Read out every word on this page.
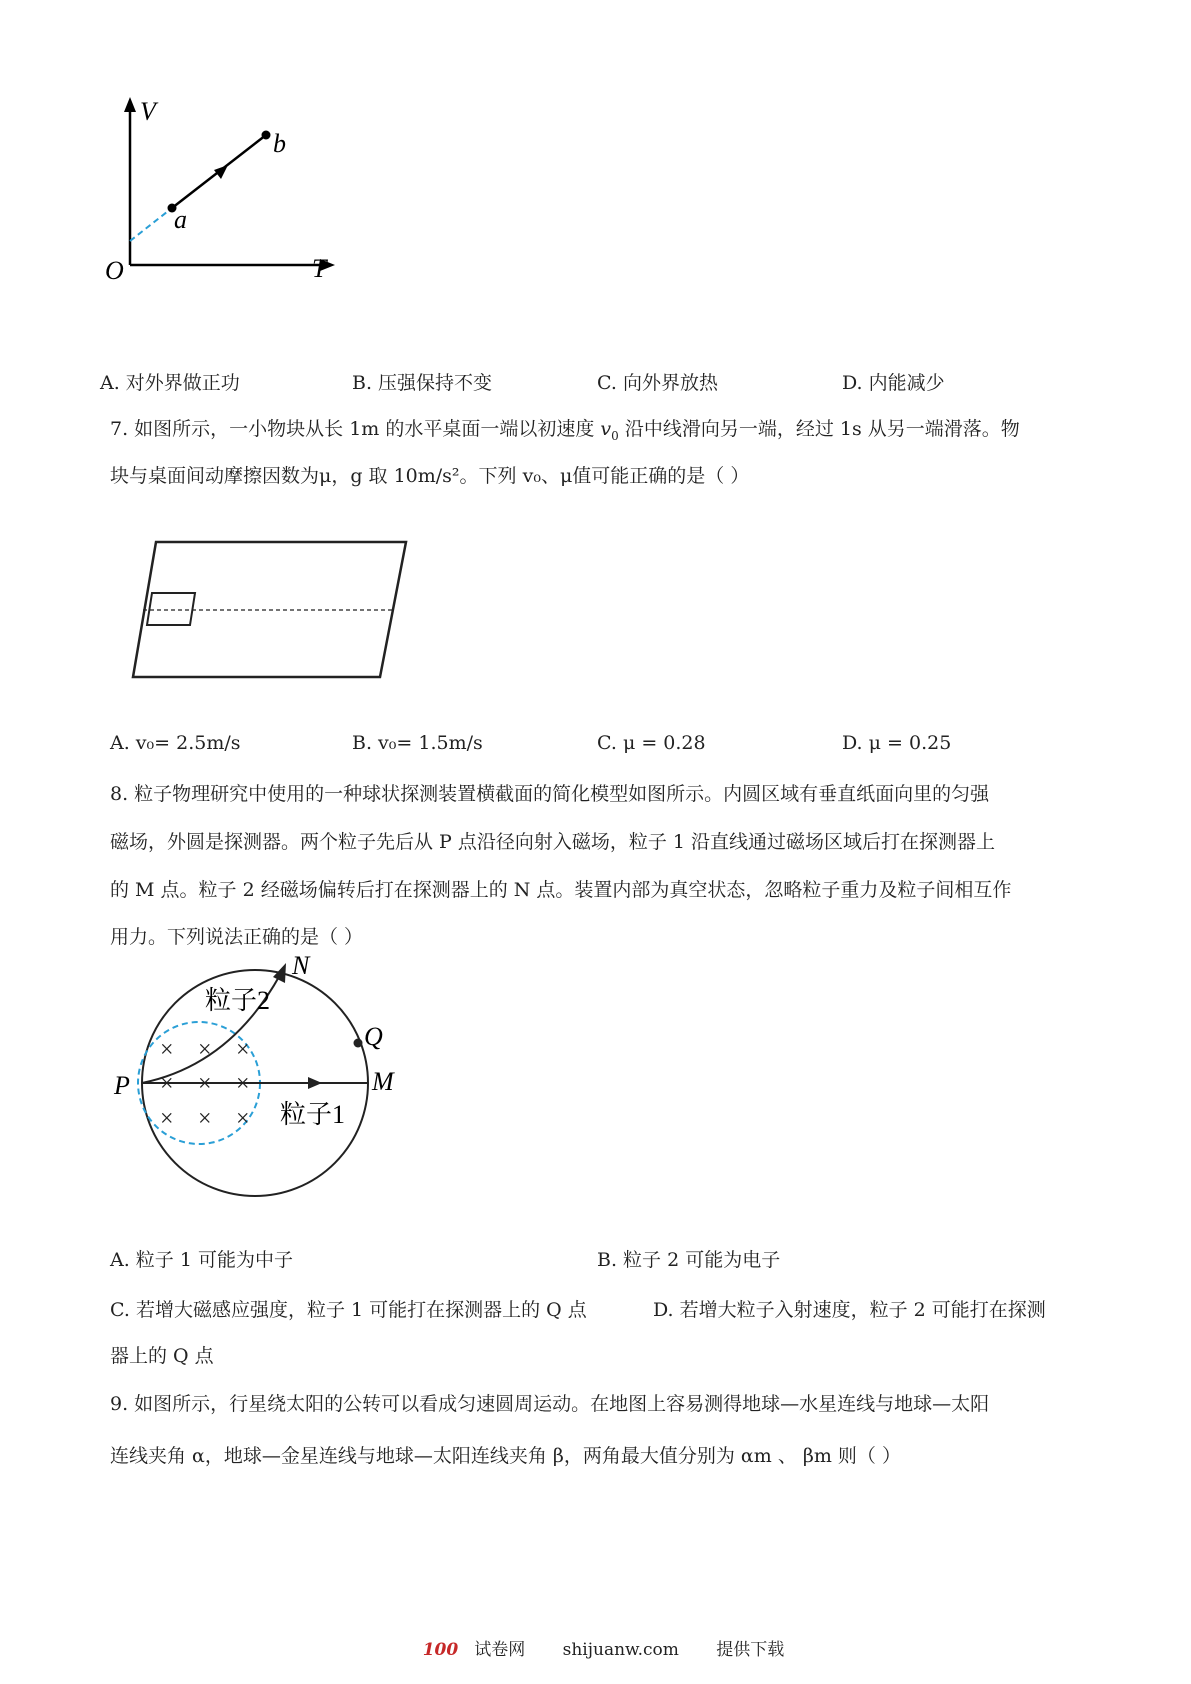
V
T
O
a
b
A. 对外界做正功	B. 压强保持不变	C. 向外界放热	D. 内能减少
7. 如图所示，一小物块从长 1m 的水平桌面一端以初速度 $v_0$ 沿中线滑向另一端，经过 1s 从另一端滑落。物
块与桌面间动摩擦因数为μ，g 取 10m/s²。下列 v₀、μ值可能正确的是（ ）
A. v₀= 2.5m/s	B. v₀= 1.5m/s	C. μ = 0.28	D. μ = 0.25
8. 粒子物理研究中使用的一种球状探测装置横截面的简化模型如图所示。内圆区域有垂直纸面向里的匀强
磁场，外圆是探测器。两个粒子先后从 P 点沿径向射入磁场，粒子 1 沿直线通过磁场区域后打在探测器上
的 M 点。粒子 2 经磁场偏转后打在探测器上的 N 点。装置内部为真空状态，忽略粒子重力及粒子间相互作
用力。下列说法正确的是（ ）
× × ×
× × ×
× × ×
N
Q
P	M
粒子1
粒子2
A. 粒子 1 可能为中子	B. 粒子 2 可能为电子
C. 若增大磁感应强度，粒子 1 可能打在探测器上的 Q 点	D. 若增大粒子入射速度，粒子 2 可能打在探测
器上的 Q 点
9. 如图所示，行星绕太阳的公转可以看成匀速圆周运动。在地图上容易测得地球—水星连线与地球—太阳
连线夹角 α，地球—金星连线与地球—太阳连线夹角 β，两角最大值分别为 αm 、 βm 则（ ）
100 试卷网 shijuanw.com 提供下载
